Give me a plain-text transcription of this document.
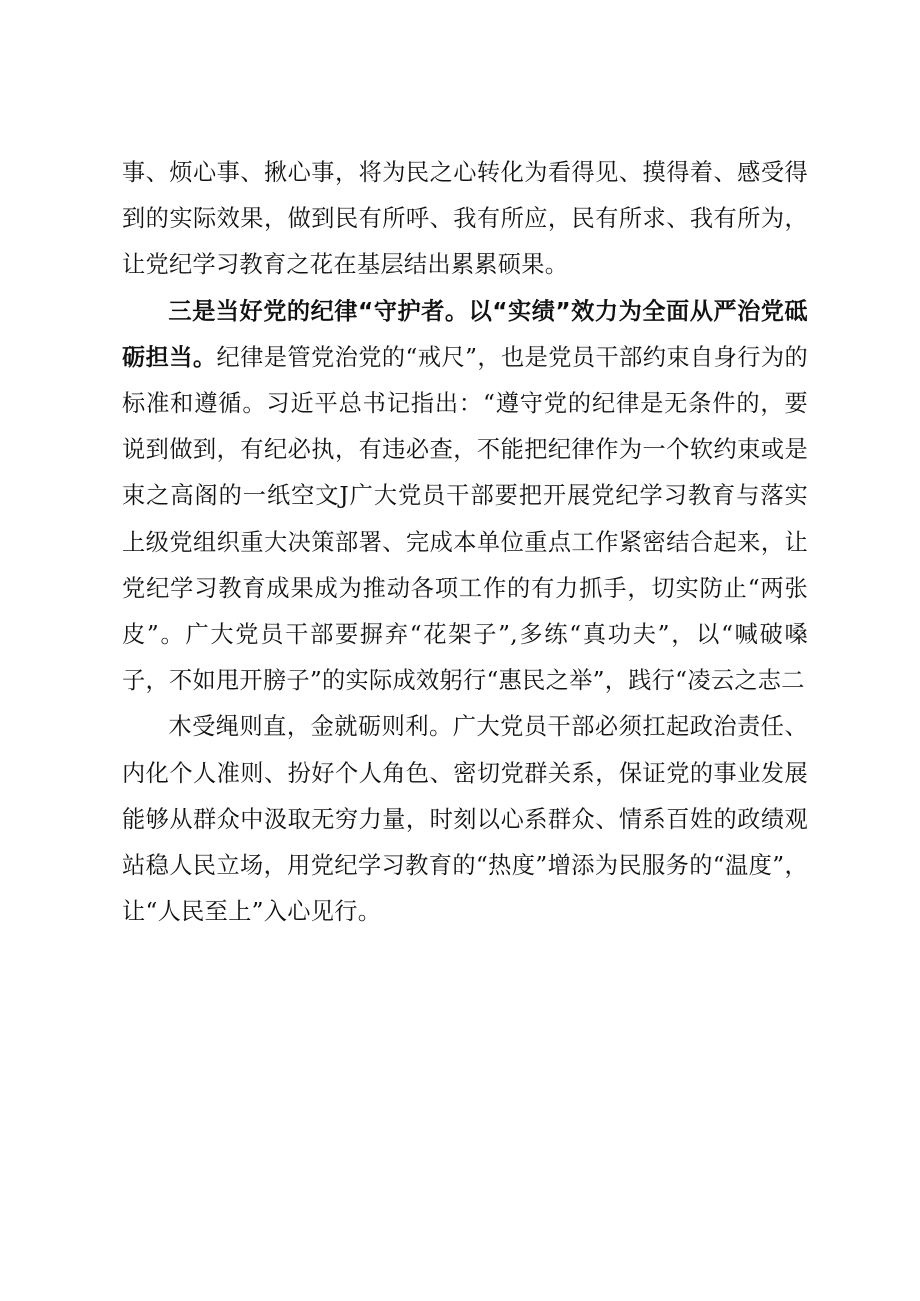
事、烦心事、揪心事，将为民之心转化为看得见、摸得着、感受得到的实际效果，做到民有所呼、我有所应，民有所求、我有所为，让党纪学习教育之花在基层结出累累硕果。

三是当好党的纪律“守护者。以“实绩”效力为全面从严治党砥砺担当。纪律是管党治党的“戒尺”，也是党员干部约束自身行为的标准和遵循。习近平总书记指出：“遵守党的纪律是无条件的，要说到做到，有纪必执，有违必查，不能把纪律作为一个软约束或是束之高阁的一纸空文J广大党员干部要把开展党纪学习教育与落实上级党组织重大决策部署、完成本单位重点工作紧密结合起来，让党纪学习教育成果成为推动各项工作的有力抓手，切实防止“两张皮”。广大党员干部要摒弃“花架子”,多练“真功夫”，以“喊破嗓子，不如甩开膀子”的实际成效躬行“惠民之举”，践行“凌云之志二

木受绳则直，金就砺则利。广大党员干部必须扛起政治责任、内化个人准则、扮好个人角色、密切党群关系，保证党的事业发展能够从群众中汲取无穷力量，时刻以心系群众、情系百姓的政绩观站稳人民立场，用党纪学习教育的“热度”增添为民服务的“温度”，让“人民至上”入心见行。
